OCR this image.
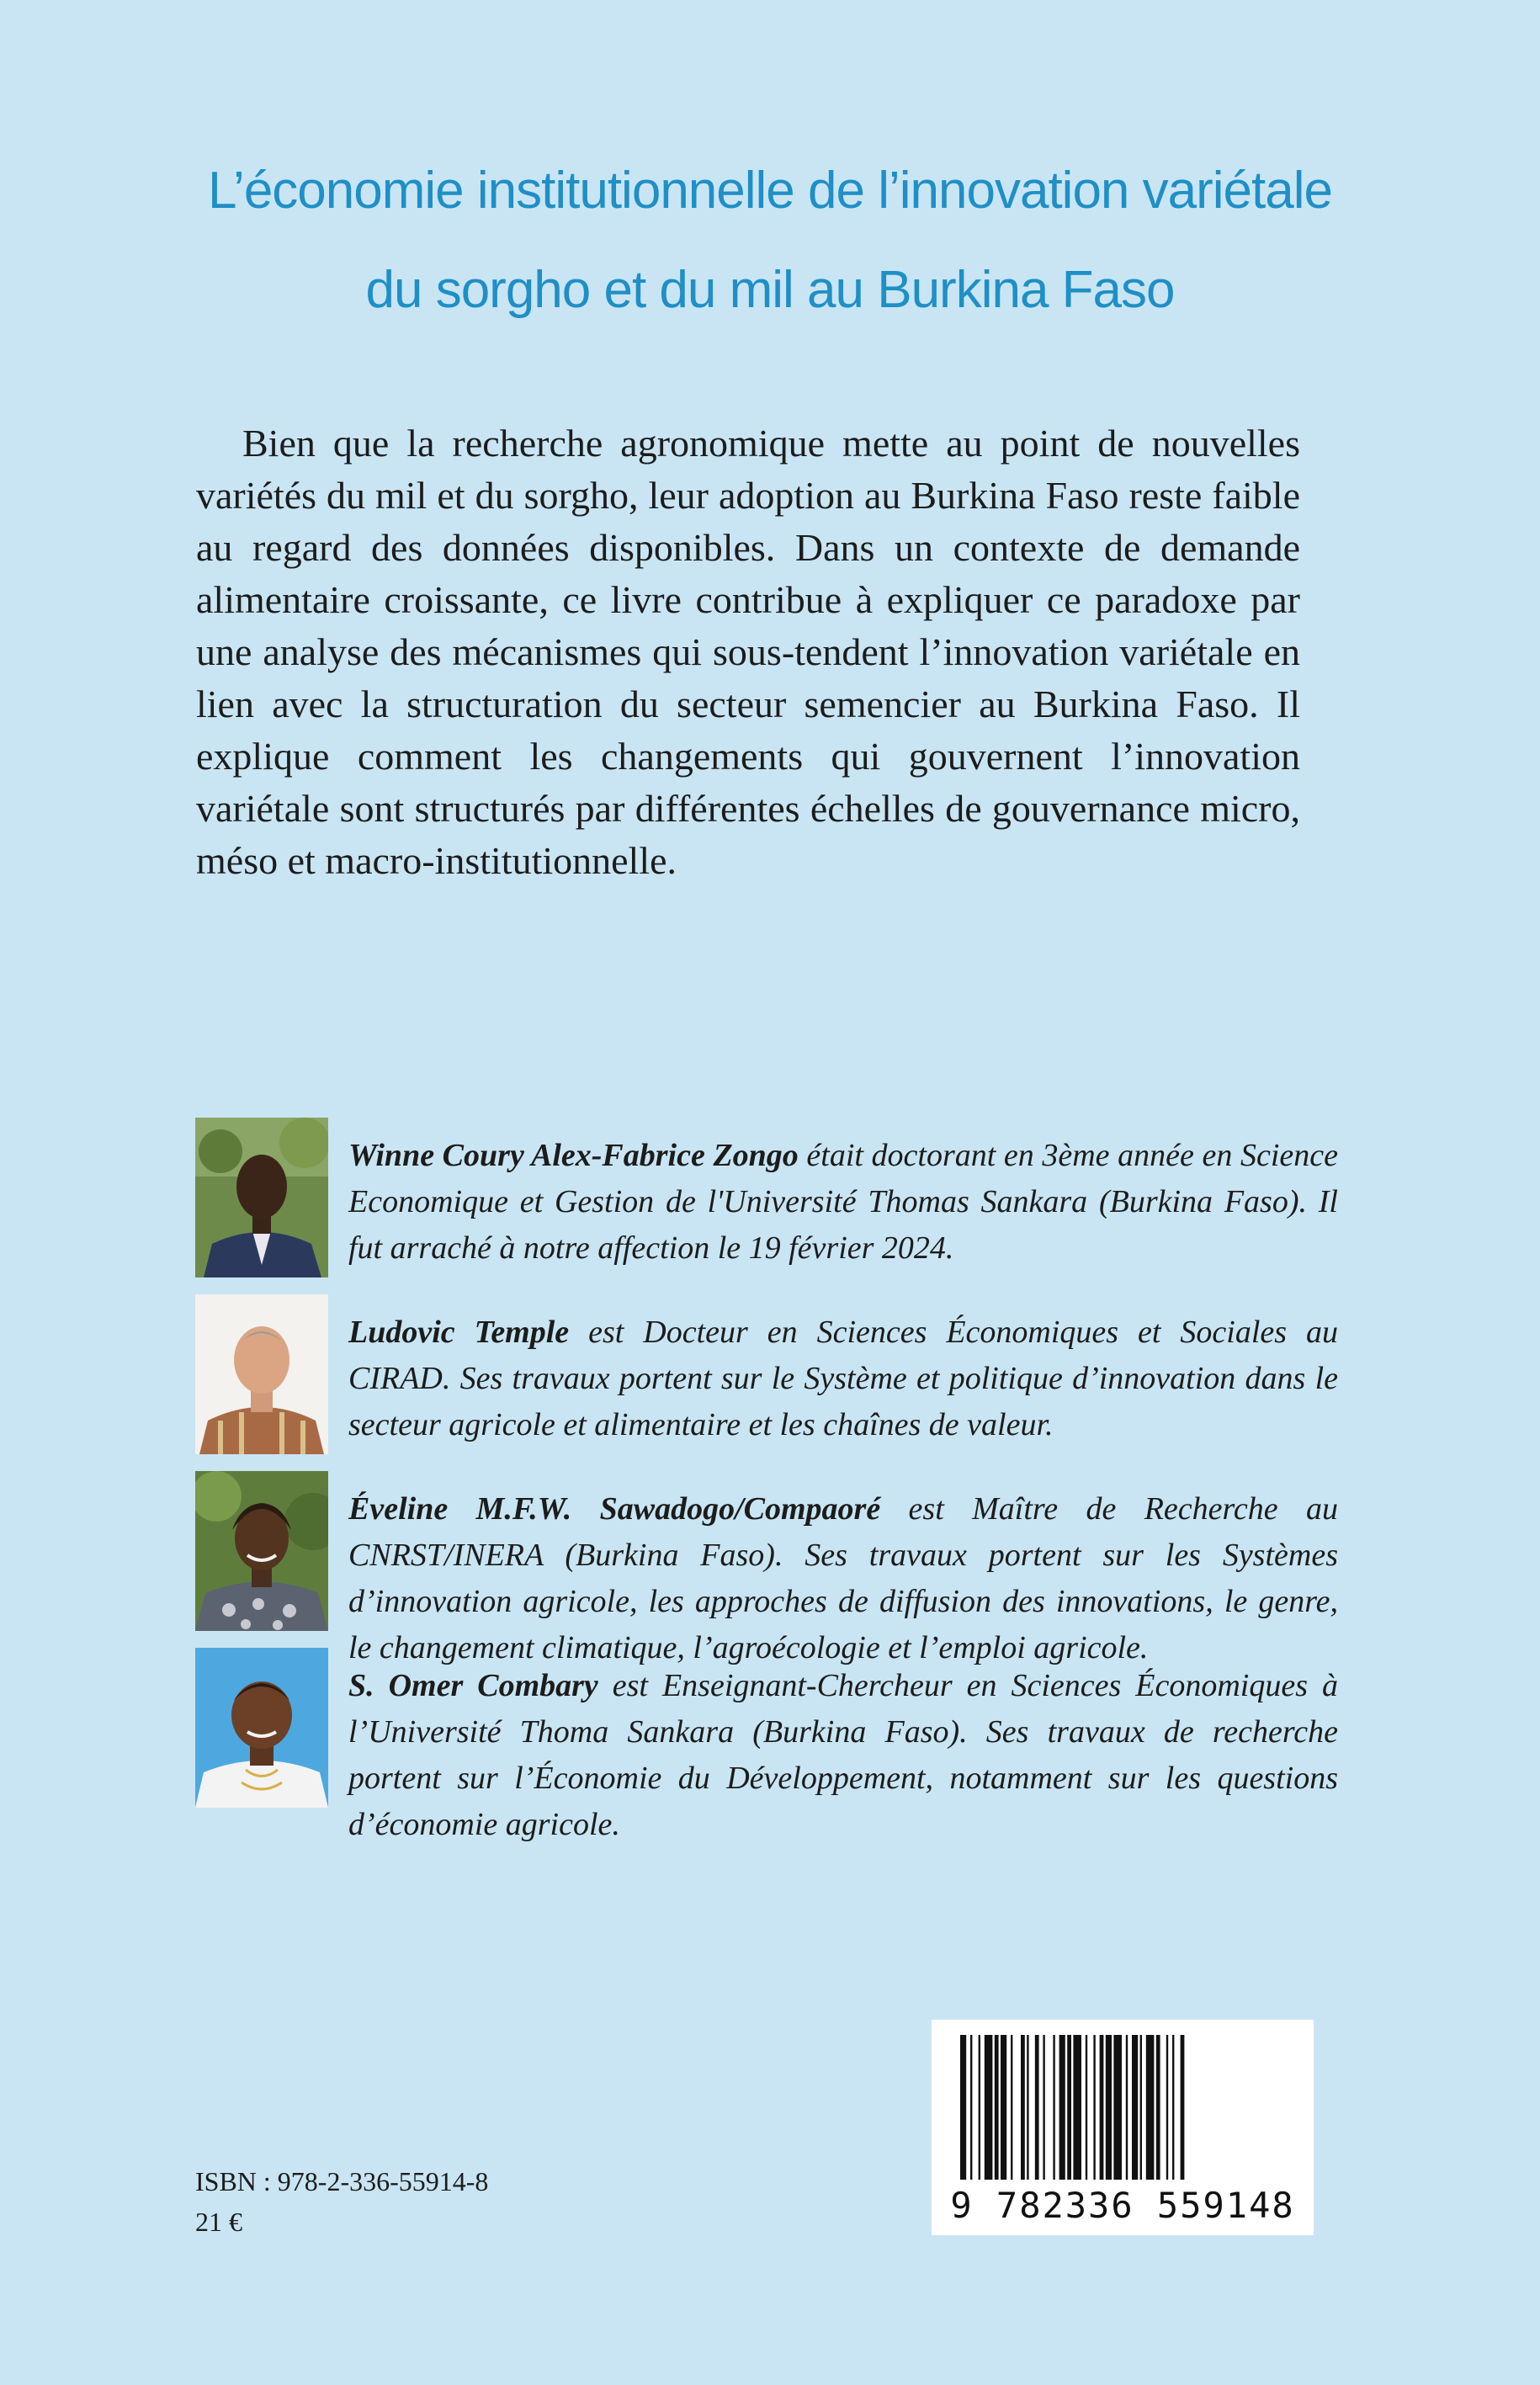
L’économie institutionnelle de l’innovation variétale
du sorgho et du mil au Burkina Faso

Bien que la recherche agronomique mette au point de nouvelles variétés du mil et du sorgho, leur adoption au Burkina Faso reste faible au regard des données disponibles. Dans un contexte de demande alimentaire croissante, ce livre contribue à expliquer ce paradoxe par une analyse des mécanismes qui sous-tendent l’innovation variétale en lien avec la structuration du secteur semencier au Burkina Faso. Il explique comment les changements qui gouvernent l’innovation variétale sont structurés par différentes échelles de gouvernance micro, méso et macro-institutionnelle.

Winne Coury Alex-Fabrice Zongo était doctorant en 3ème année en Science Economique et Gestion de l'Université Thomas Sankara (Burkina Faso). Il fut arraché à notre affection le 19 février 2024.

Ludovic Temple est Docteur en Sciences Économiques et Sociales au CIRAD. Ses travaux portent sur le Système et politique d’innovation dans le secteur agricole et alimentaire et les chaînes de valeur.

Éveline M.F.W. Sawadogo/Compaoré est Maître de Recherche au CNRST/INERA (Burkina Faso). Ses travaux portent sur les Systèmes d’innovation agricole, les approches de diffusion des innovations, le genre, le changement climatique, l’agroécologie et l’emploi agricole.

S. Omer Combary est Enseignant-Chercheur en Sciences Économiques à l’Université Thoma Sankara (Burkina Faso). Ses travaux de recherche portent sur l’Économie du Développement, notamment sur les questions d’économie agricole.

ISBN : 978-2-336-55914-8
21 €	9 782336 559148
